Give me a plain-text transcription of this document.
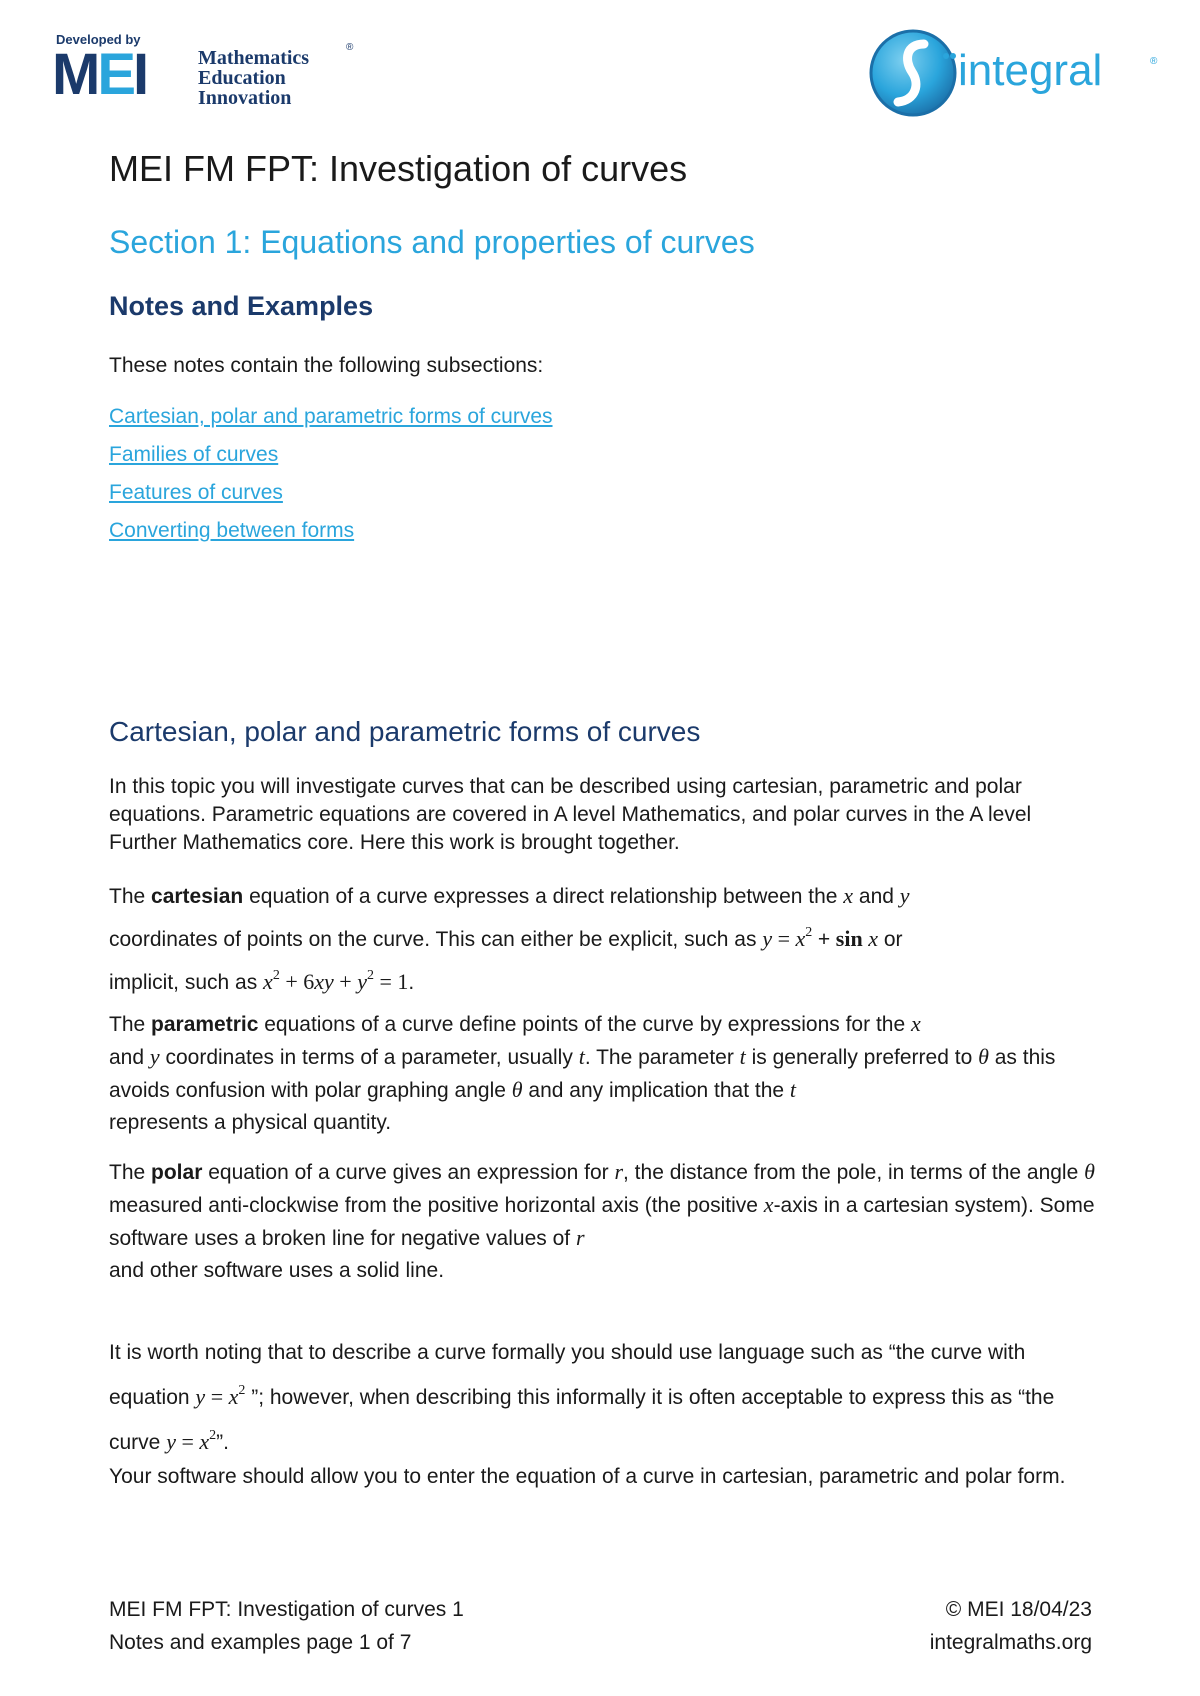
Developed by
MEI	Mathematics
Education
Innovation
®	integral	®
MEI FM FPT: Investigation of curves
Section 1: Equations and properties of curves
Notes and Examples
These notes contain the following subsections:
Cartesian, polar and parametric forms of curves
Families of curves
Features of curves
Converting between forms
Cartesian, polar and parametric forms of curves

In this topic you will investigate curves that can be described using cartesian, parametric and polar equations. Parametric equations are covered in A level Mathematics, and polar curves in the A level Further Mathematics core. Here this work is brought together.

The cartesian equation of a curve expresses a direct relationship between the x and y
coordinates of points on the curve. This can either be explicit, such as $y = x^2 + \sin x$ or
implicit, such as $x^2 + 6xy + y^2 = 1$.

The parametric equations of a curve define points of the curve by expressions for the x
and y coordinates in terms of a parameter, usually t. The parameter t is generally preferred to θ as this avoids confusion with polar graphing angle θ and any implication that the t
represents a physical quantity.

The polar equation of a curve gives an expression for r, the distance from the pole, in terms of the angle θ measured anti-clockwise from the positive horizontal axis (the positive x-axis in a cartesian system). Some software uses a broken line for negative values of r
and other software uses a solid line.

It is worth noting that to describe a curve formally you should use language such as “the curve with equation $y = x^2$ ”; however, when describing this informally it is often acceptable to express this as “the curve $y = x^2$”.

Your software should allow you to enter the equation of a curve in cartesian, parametric and polar form.

MEI FM FPT: Investigation of curves 1
Notes and examples page 1 of 7
© MEI 18/04/23
integralmaths.org
